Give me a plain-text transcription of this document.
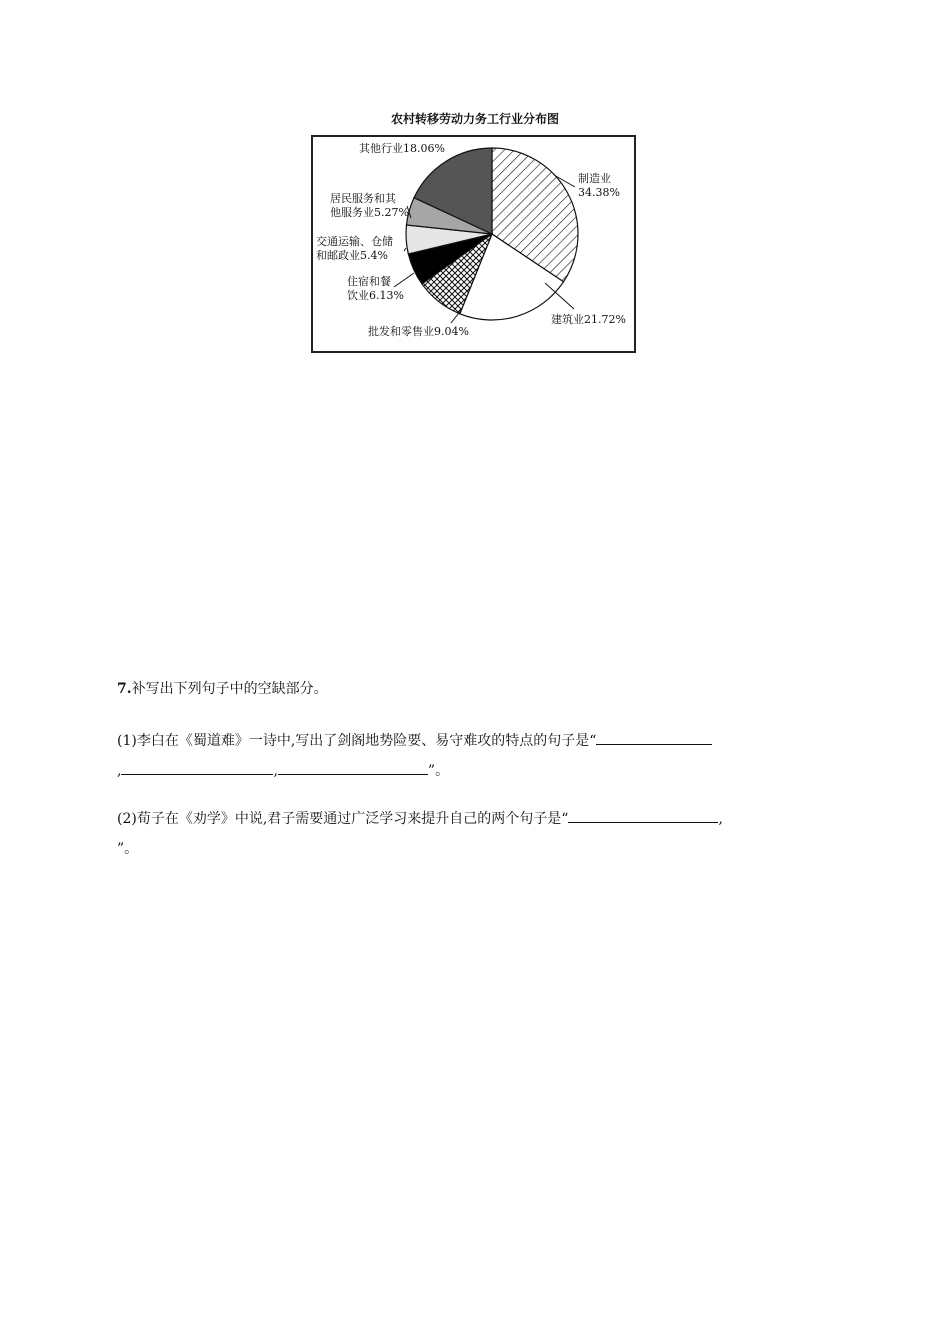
农村转移劳动力务工行业分布图
其他行业18.06%
制造业
34.38%
居民服务和其
他服务业5.27%
交通运输、仓储
和邮政业5.4%
住宿和餐
饮业6.13%
建筑业21.72%
批发和零售业9.04%
7.补写出下列句子中的空缺部分。
(1)李白在《蜀道难》一诗中,写出了剑阁地势险要、易守难攻的特点的句子是“
,	,	”。
(2)荀子在《劝学》中说,君子需要通过广泛学习来提升自己的两个句子是“	,
”。
